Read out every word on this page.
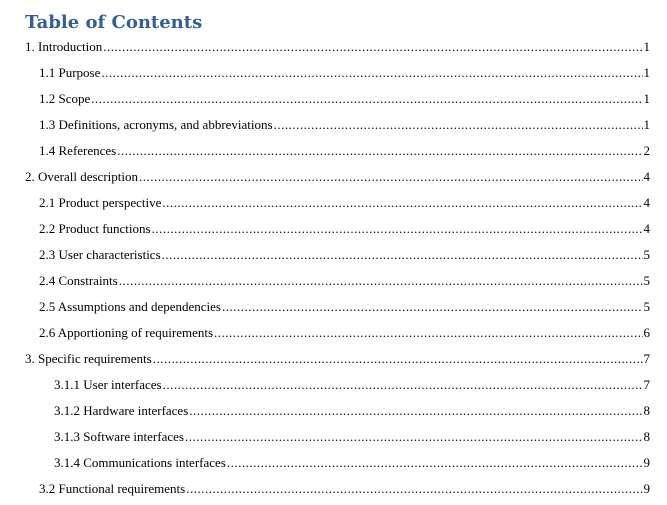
Table of Contents
1. Introduction .....	1
1.1 Purpose .....	1
1.2 Scope .....	1
1.3 Definitions, acronyms, and abbreviations .....	1
1.4 References .....	2
2. Overall description .....	4
2.1 Product perspective .....	4
2.2 Product functions .....	4
2.3 User characteristics .....	5
2.4 Constraints .....	5
2.5 Assumptions and dependencies .....	5
2.6 Apportioning of requirements .....	6
3. Specific requirements .....	7
3.1.1 User interfaces .....	7
3.1.2 Hardware interfaces .....	8
3.1.3 Software interfaces .....	8
3.1.4 Communications interfaces .....	9
3.2 Functional requirements .....	9
